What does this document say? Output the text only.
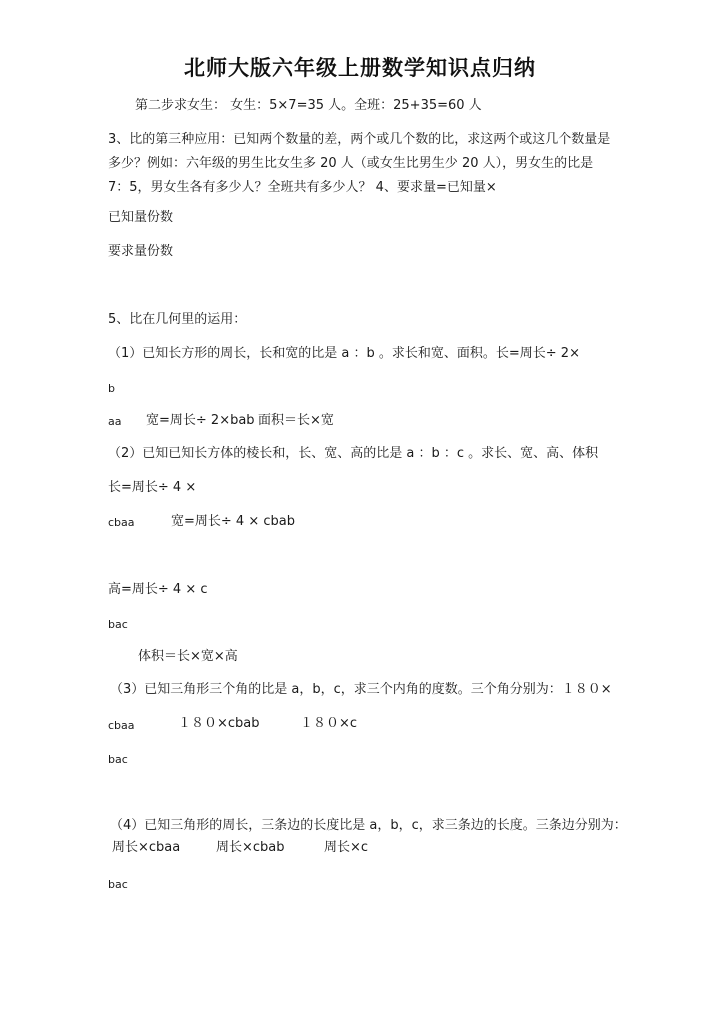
北师大版六年级上册数学知识点归纳
第二步求女生： 女生：5×7=35 人。全班：25+35=60 人
3、比的第三种应用：已知两个数量的差，两个或几个数的比，求这两个或这几个数量是多少？例如：六年级的男生比女生多 20 人（或女生比男生少 20 人），男女生的比是 7：5，男女生各有多少人？全班共有多少人？ 4、要求量=已知量×
已知量份数
要求量份数
5、比在几何里的运用：
（1）已知长方形的周长，长和宽的比是 a ：b 。求长和宽、面积。长=周长÷ 2×
b
aa 宽=周长÷ 2×bab 面积＝长×宽
（2）已知已知长方体的棱长和，长、宽、高的比是 a ：b ：c 。求长、宽、高、体积
长=周长÷ 4 ×
cbaa	宽=周长÷ 4 × cbab
高=周长÷ 4 × c
bac
体积＝长×宽×高
（3）已知三角形三个角的比是 a，b，c，求三个内角的度数。三个角分别为：１８０×
cbaa	１８０×cbab	１８０×c
bac
（4）已知三角形的周长，三条边的长度比是 a，b，c，求三条边的长度。三条边分别为：
周长×cbaa	周长×cbab	周长×c
bac
